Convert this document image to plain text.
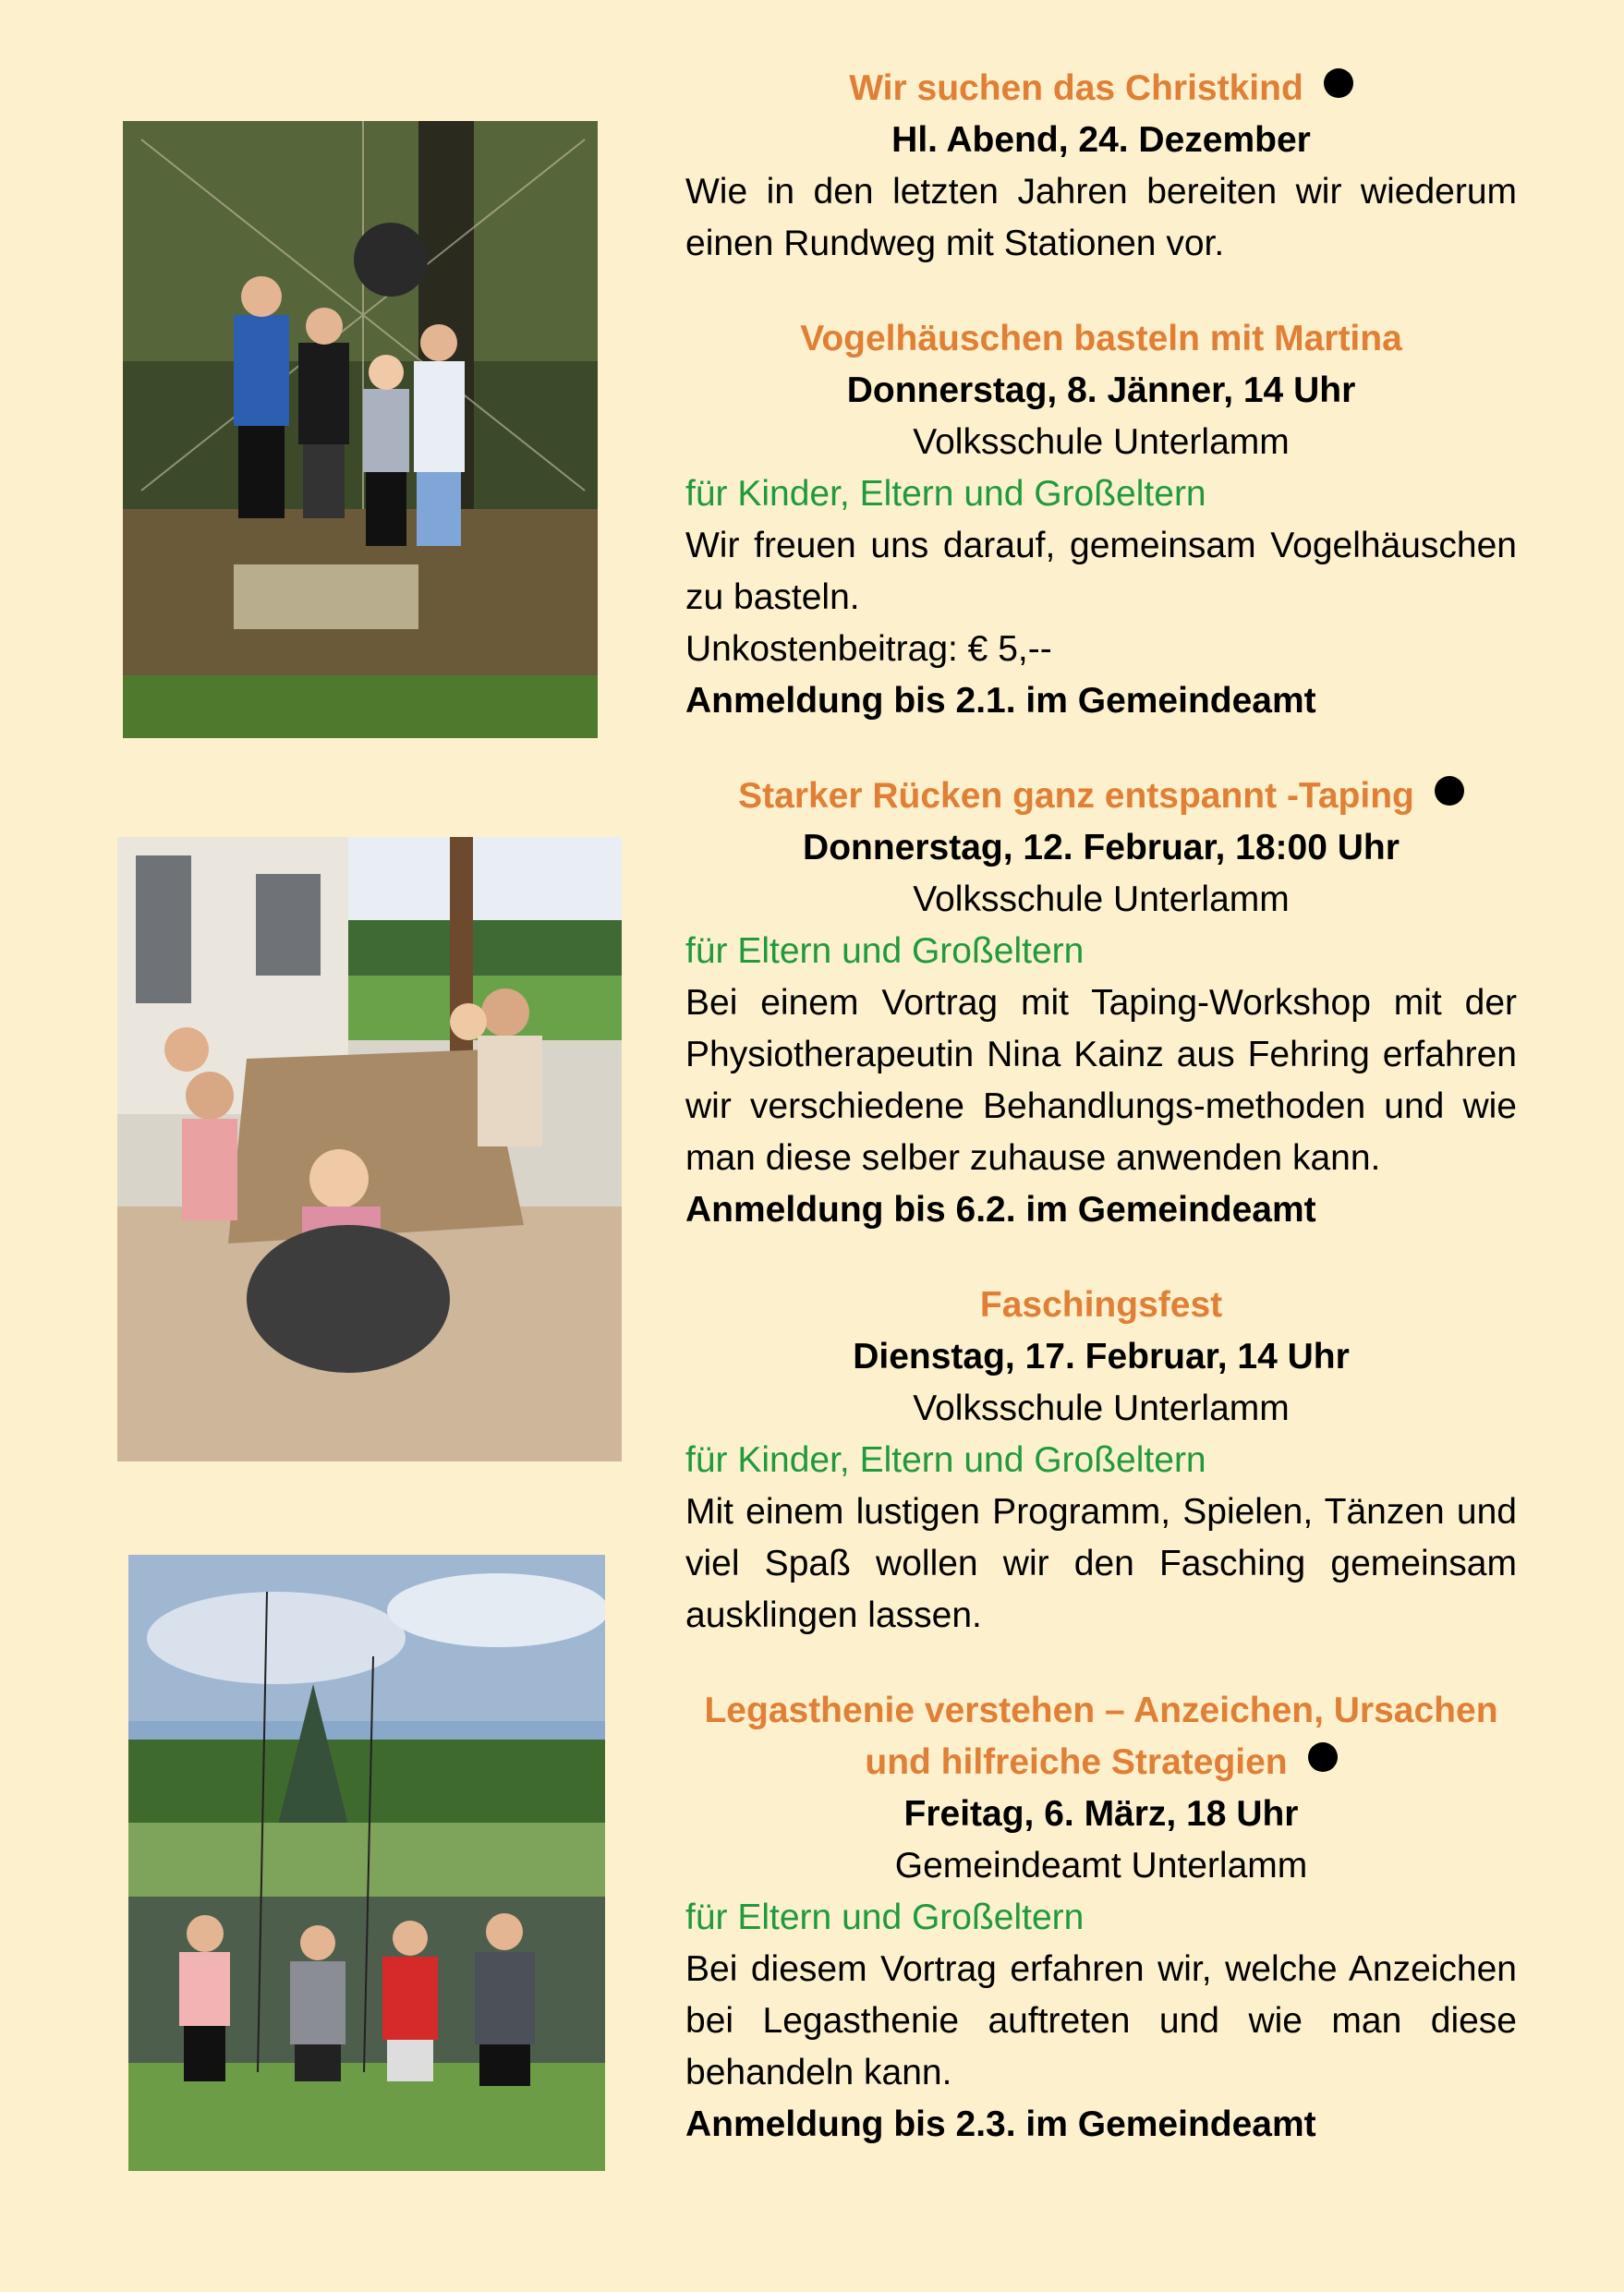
Wir suchen das Christkind
Hl. Abend, 24. Dezember
Wie in den letzten Jahren bereiten wir wiederum einen Rundweg mit Stationen vor.
Vogelhäuschen basteln mit Martina
Donnerstag, 8. Jänner, 14 Uhr
Volksschule Unterlamm
für Kinder, Eltern und Großeltern
Wir freuen uns darauf, gemeinsam Vogelhäuschen zu basteln.
Unkostenbeitrag: € 5,--
Anmeldung bis 2.1. im Gemeindeamt
Starker Rücken ganz entspannt -Taping
Donnerstag, 12. Februar, 18:00 Uhr
Volksschule Unterlamm
für Eltern und Großeltern
Bei einem Vortrag mit Taping-Workshop mit der Physiotherapeutin Nina Kainz aus Fehring erfahren wir verschiedene Behandlungs-methoden und wie man diese selber zuhause anwenden kann.
Anmeldung bis 6.2. im Gemeindeamt
Faschingsfest
Dienstag, 17. Februar, 14 Uhr
Volksschule Unterlamm
für Kinder, Eltern und Großeltern
Mit einem lustigen Programm, Spielen, Tänzen und viel Spaß wollen wir den Fasching gemeinsam ausklingen lassen.
Legasthenie verstehen – Anzeichen, Ursachen
und hilfreiche Strategien
Freitag, 6. März, 18 Uhr
Gemeindeamt Unterlamm
für Eltern und Großeltern
Bei diesem Vortrag erfahren wir, welche Anzeichen bei Legasthenie auftreten und wie man diese behandeln kann.
Anmeldung bis 2.3. im Gemeindeamt
